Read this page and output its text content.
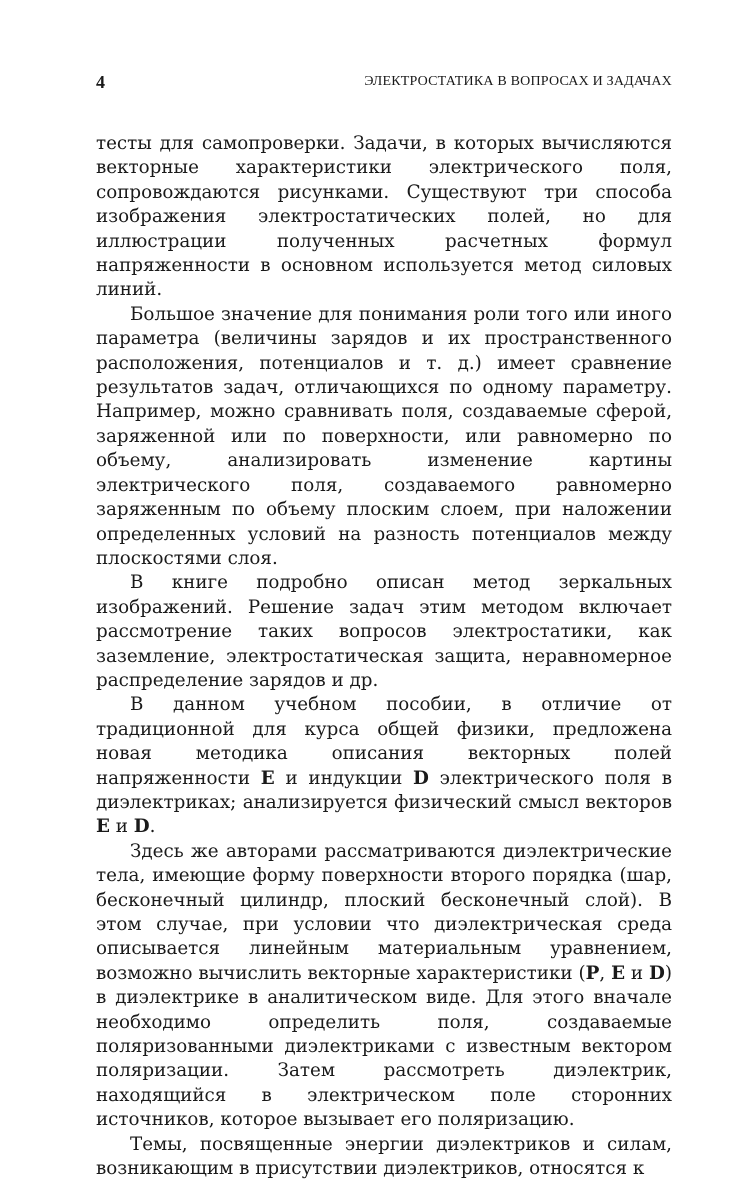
4	ЭЛЕКТРОСТАТИКА В ВОПРОСАХ И ЗАДАЧАХ

тесты для самопроверки. Задачи, в которых вычисляются векторные характеристики электрического поля, сопровождаются рисунками. Существуют три способа изображения электростатических полей, но для иллюстрации полученных расчетных формул напряженности в основном используется метод силовых линий.

Большое значение для понимания роли того или иного параметра (величины зарядов и их пространственного расположения, потенциалов и т. д.) имеет сравнение результатов задач, отличающихся по одному параметру. Например, можно сравнивать поля, создаваемые сферой, заряженной или по поверхности, или равномерно по объему, анализировать изменение картины электрического поля, создаваемого равномерно заряженным по объему плоским слоем, при наложении определенных условий на разность потенциалов между плоскостями слоя.

В книге подробно описан метод зеркальных изображений. Решение задач этим методом включает рассмотрение таких вопросов электростатики, как заземление, электростатическая защита, неравномерное распределение зарядов и др.

В данном учебном пособии, в отличие от традиционной для курса общей физики, предложена новая методика описания векторных полей напряженности E и индукции D электрического поля в диэлектриках; анализируется физический смысл векторов E и D.

Здесь же авторами рассматриваются диэлектрические тела, имеющие форму поверхности второго порядка (шар, бесконечный цилиндр, плоский бесконечный слой). В этом случае, при условии что диэлектрическая среда описывается линейным материальным уравнением, возможно вычислить векторные характеристики (P, E и D) в диэлектрике в аналитическом виде. Для этого вначале необходимо определить поля, создаваемые поляризованными диэлектриками с известным вектором поляризации. Затем рассмотреть диэлектрик, находящийся в электрическом поле сторонних источников, которое вызывает его поляризацию.

Темы, посвященные энергии диэлектриков и силам, возникающим в присутствии диэлектриков, относятся к
